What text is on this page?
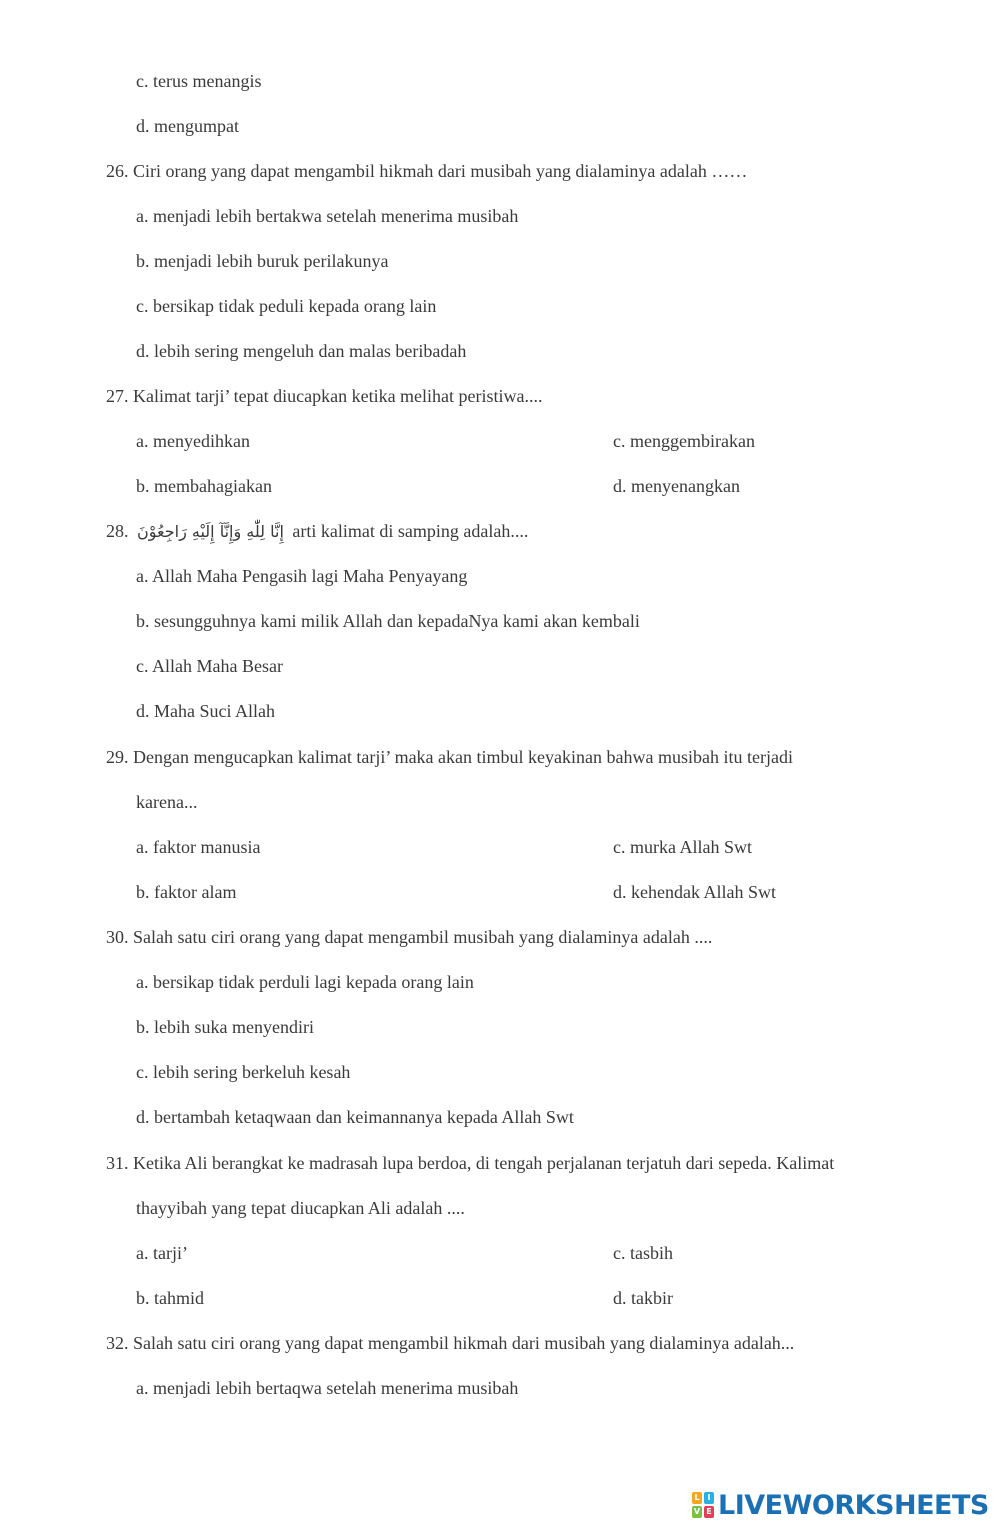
c. terus menangis
d. mengumpat
26. Ciri orang yang dapat mengambil hikmah dari musibah yang dialaminya adalah ……
a. menjadi lebih bertakwa setelah menerima musibah
b. menjadi lebih buruk perilakunya
c. bersikap tidak peduli kepada orang lain
d. lebih sering mengeluh dan malas beribadah
27. Kalimat tarji’ tepat diucapkan ketika melihat peristiwa....
a. menyedihkan	c. menggembirakan
b. membahagiakan	d. menyenangkan
28. إِنَّا لِلّٰهِ وَإِنَّآ إِلَيْهِ رَاجِعُوْنَ arti kalimat di samping adalah....
a. Allah Maha Pengasih lagi Maha Penyayang
b. sesungguhnya kami milik Allah dan kepadaNya kami akan kembali
c. Allah Maha Besar
d. Maha Suci Allah
29. Dengan mengucapkan kalimat tarji’ maka akan timbul keyakinan bahwa musibah itu terjadi
karena...
a. faktor manusia	c. murka Allah Swt
b. faktor alam	d. kehendak Allah Swt
30. Salah satu ciri orang yang dapat mengambil musibah yang dialaminya adalah ....
a. bersikap tidak perduli lagi kepada orang lain
b. lebih suka menyendiri
c. lebih sering berkeluh kesah
d. bertambah ketaqwaan dan keimannanya kepada Allah Swt
31. Ketika Ali berangkat ke madrasah lupa berdoa, di tengah perjalanan terjatuh dari sepeda. Kalimat
thayyibah yang tepat diucapkan Ali adalah ....
a. tarji’	c. tasbih
b. tahmid	d. takbir
32. Salah satu ciri orang yang dapat mengambil hikmah dari musibah yang dialaminya adalah...
a. menjadi lebih bertaqwa setelah menerima musibah
L I
V E LIVEWORKSHEETS
